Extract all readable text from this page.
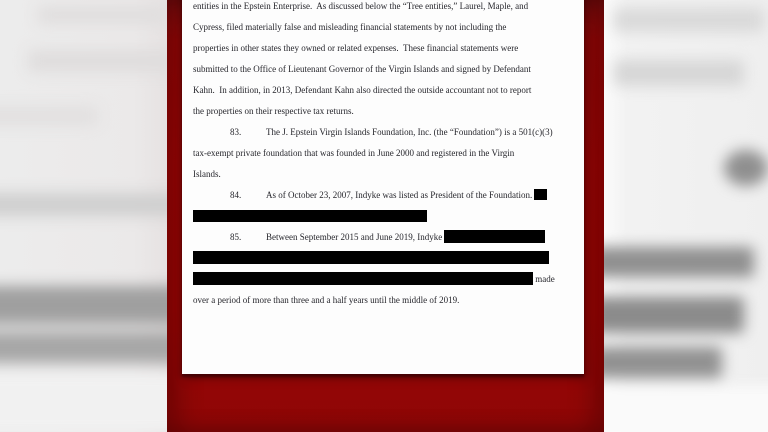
entities in the Epstein Enterprise.  As discussed below the “Tree entities,” Laurel, Maple, and
Cypress, filed materially false and misleading financial statements by not including the
properties in other states they owned or related expenses.  These financial statements were
submitted to the Office of Lieutenant Governor of the Virgin Islands and signed by Defendant
Kahn.  In addition, in 2013, Defendant Kahn also directed the outside accountant not to report
the properties on their respective tax returns.
83.	The J. Epstein Virgin Islands Foundation, Inc. (the “Foundation”) is a 501(c)(3)
tax-exempt private foundation that was founded in June 2000 and registered in the Virgin
Islands.
84.	As of October 23, 2007, Indyke was listed as President of the Foundation.
85.	Between September 2015 and June 2019, Indyke
made
over a period of more than three and a half years until the middle of 2019.
